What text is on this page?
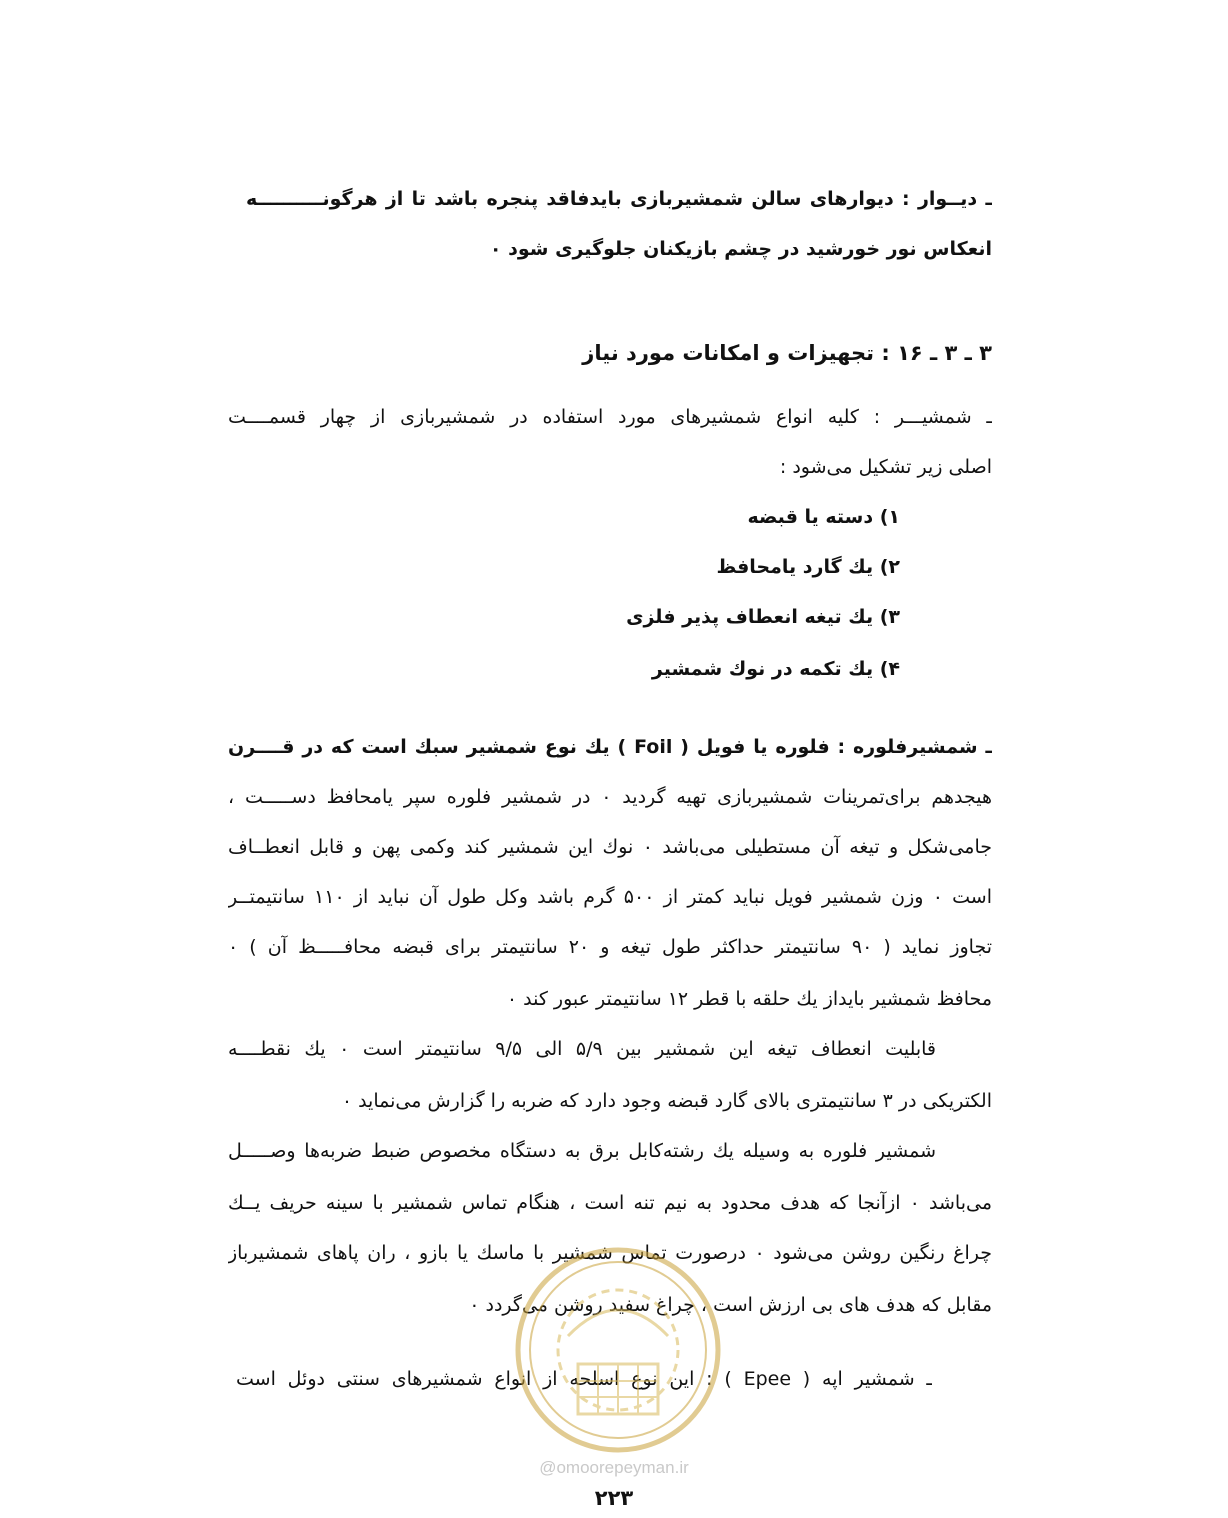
ـ دیــوار : دیوارهای سالن شمشیربازی بایدفاقد پنجره باشد تا از هرگونــــــــــه
انعکاس نور خورشید در چشم بازیکنان جلوگیری شود ٠
۳ ـ ۳ ـ ۱۶ : تجهیزات و امکانات مورد نیاز
ـ شمشیـــر : کلیه انواع شمشیرهای مورد استفاده در شمشیربازی از چهار قسمــــت
اصلی زیر تشکیل می‌شود :
۱) دسته یا قبضه
۲) یك گارد یامحافظ
۳) یك تیغه انعطاف پذیر فلزی
۴) یك تکمه در نوك شمشیر
ـ شمشیرفلوره : فلوره یا فویل ( Foil ) یك نوع شمشیر سبك است که در قــــرن
هیجدهم برای‌تمرینات شمشیربازی تهیه گردید ٠ در شمشیر فلوره سپر یامحافظ دســـــت ،
جامی‌شکل و تیغه آن مستطیلی می‌باشد ٠ نوك این شمشیر کند وکمی پهن و قابل انعطــاف
است ٠ وزن شمشیر فویل نباید کمتر از ۵۰۰ گرم باشد وکل طول آن نباید از ۱۱۰ سانتیمتــر
تجاوز نماید ( ۹۰ سانتیمتر حداکثر طول تیغه و ۲۰ سانتیمتر برای قبضه محافـــــظ آن ) ٠
محافظ شمشیر بایداز یك حلقه با قطر ۱۲ سانتیمتر عبور کند ٠
قابلیت انعطاف تیغه این شمشیر بین ۵/۹ الی ۹/۵ سانتیمتر است ٠ یك نقطــــه
الکتریکی در ۳ سانتیمتری بالای گارد قبضه وجود دارد که ضربه را گزارش می‌نماید ٠
شمشیر فلوره به وسیله یك رشته‌کابل برق به دستگاه مخصوص ضبط ضربه‌ها وصـــــل
می‌باشد ٠ ازآنجا که هدف محدود به نیم تنه است ، هنگام تماس شمشیر با سینه حریف یــك
چراغ رنگین روشن می‌شود ٠ درصورت تماس شمشیر با ماسك یا بازو ، ران پاهای شمشیرباز
مقابل که هدف های بی ارزش است ، چراغ سفید روشن می‌گردد ٠
ـ شمشیر اپه ( Epee ) : این نوع اسلحه از انواع شمشیرهای سنتی دوئل است
@omoorepeyman.ir
۲۲۳
